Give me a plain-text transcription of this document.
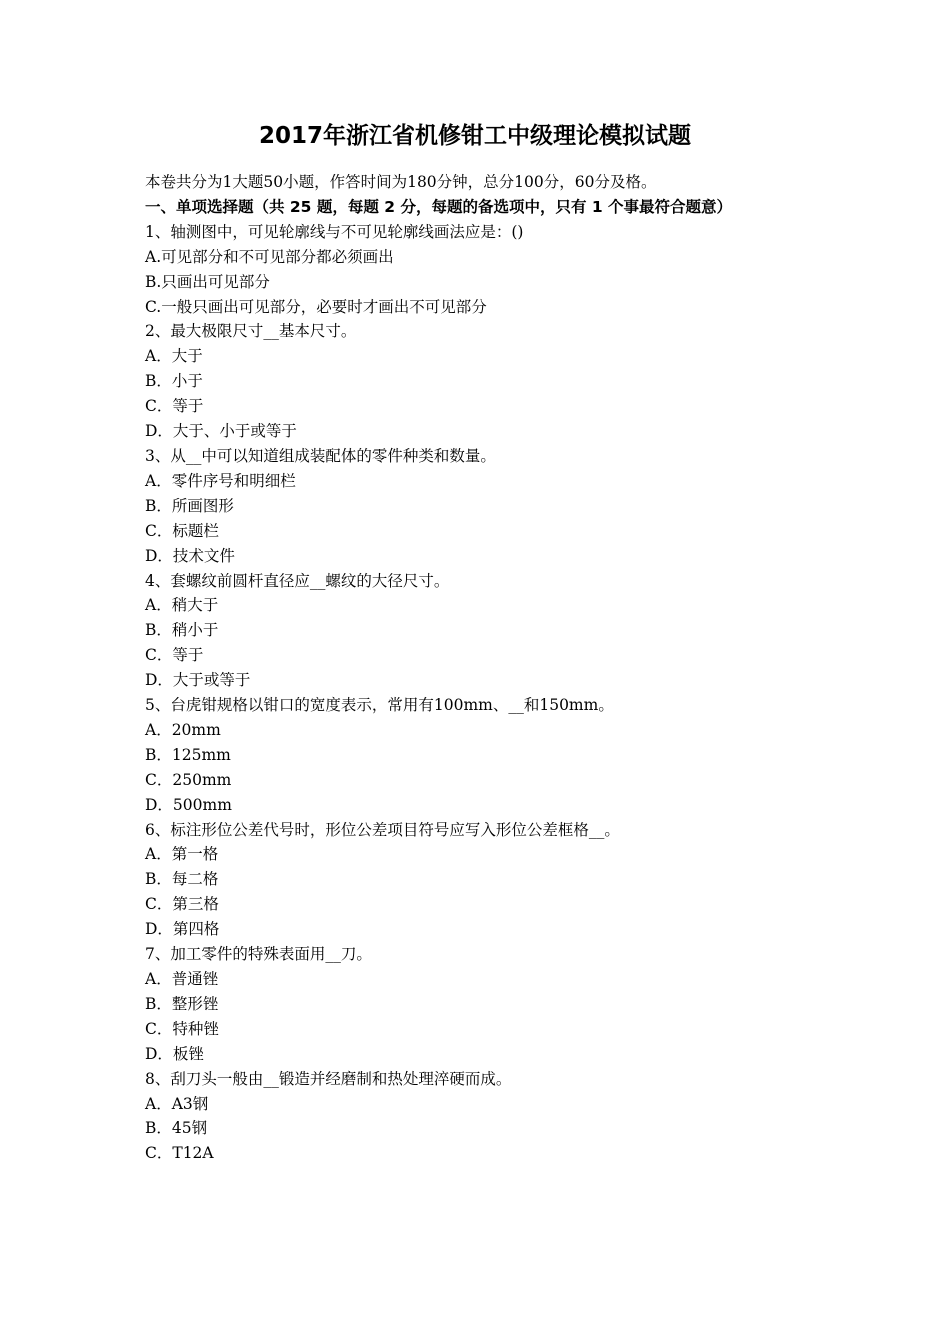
2017年浙江省机修钳工中级理论模拟试题

本卷共分为1大题50小题，作答时间为180分钟，总分100分，60分及格。

一、单项选择题（共 25 题，每题 2 分，每题的备选项中，只有 1 个事最符合题意）

1、轴测图中，可见轮廓线与不可见轮廓线画法应是：()

A.可见部分和不可见部分都必须画出

B.只画出可见部分

C.一般只画出可见部分，必要时才画出不可见部分

2、最大极限尺寸__基本尺寸。

A．大于

B．小于

C．等于

D．大于、小于或等于

3、从__中可以知道组成装配体的零件种类和数量。

A．零件序号和明细栏

B．所画图形

C．标题栏

D．技术文件

4、套螺纹前圆杆直径应__螺纹的大径尺寸。

A．稍大于

B．稍小于

C．等于

D．大于或等于

5、台虎钳规格以钳口的宽度表示，常用有100mm、__和150mm。

A．20mm

B．125mm

C．250mm

D．500mm

6、标注形位公差代号时，形位公差项目符号应写入形位公差框格__。

A．第一格

B．每二格

C．第三格

D．第四格

7、加工零件的特殊表面用__刀。

A．普通锉

B．整形锉

C．特种锉

D．板锉

8、刮刀头一般由__锻造并经磨制和热处理淬硬而成。

A．A3钢

B．45钢

C．T12A
